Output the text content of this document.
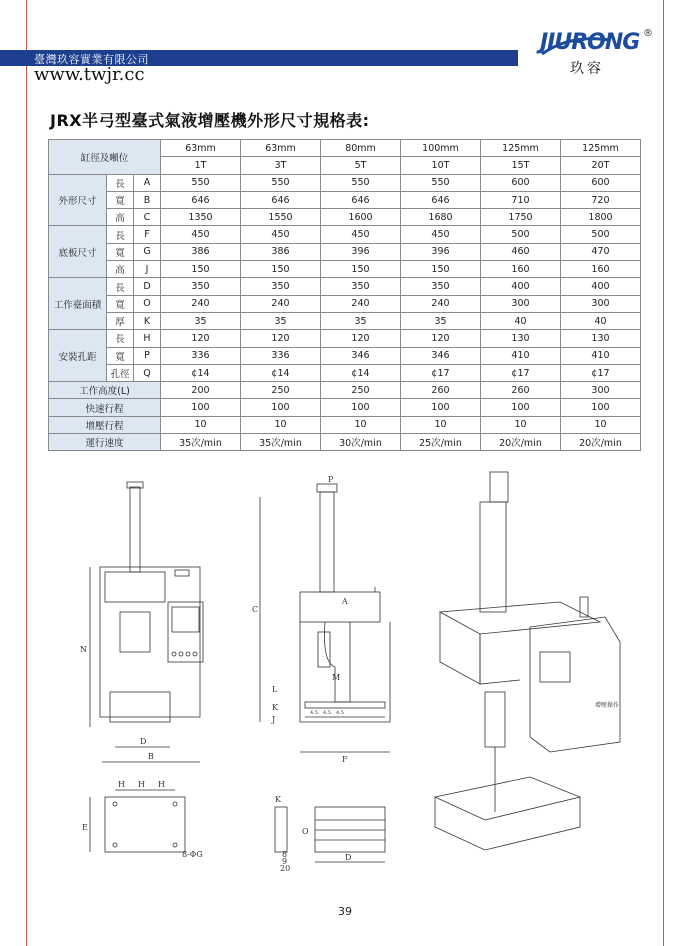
臺灣玖容實業有限公司
www.twjr.cc
JIURONG ®
玖容
JRX半弓型臺式氣液增壓機外形尺寸規格表:
缸徑及噸位			63mm	63mm	80mm	100mm	125mm	125mm
			1T	3T	5T	10T	15T	20T
外形尺寸	長	A	550	550	550	550	600	600
	寬	B	646	646	646	646	710	720
	高	C	1350	1550	1600	1680	1750	1800
底板尺寸	長	F	450	450	450	450	500	500
	寬	G	386	386	396	396	460	470
	高	J	150	150	150	150	160	160
工作臺面積	長	D	350	350	350	350	400	400
	寬	O	240	240	240	240	300	300
	厚	K	35	35	35	35	40	40
安裝孔距	長	H	120	120	120	120	130	130
	寬	P	336	336	346	346	410	410
	孔徑	Q	¢14	¢14	¢14	¢17	¢17	¢17
工作高度(L)			200	250	250	260	260	300
快速行程			100	100	100	100	100	100
增壓行程			10	10	10	10	10	10
運行速度			35次/min	35次/min	30次/min	25次/min	20次/min	20次/min
N
D
B
P
A
C
M
L
K
J
F
4.5 4.5 4.5
H H H
E
8-ΦG
K
O
D
8
9
20
增壓操作
39
